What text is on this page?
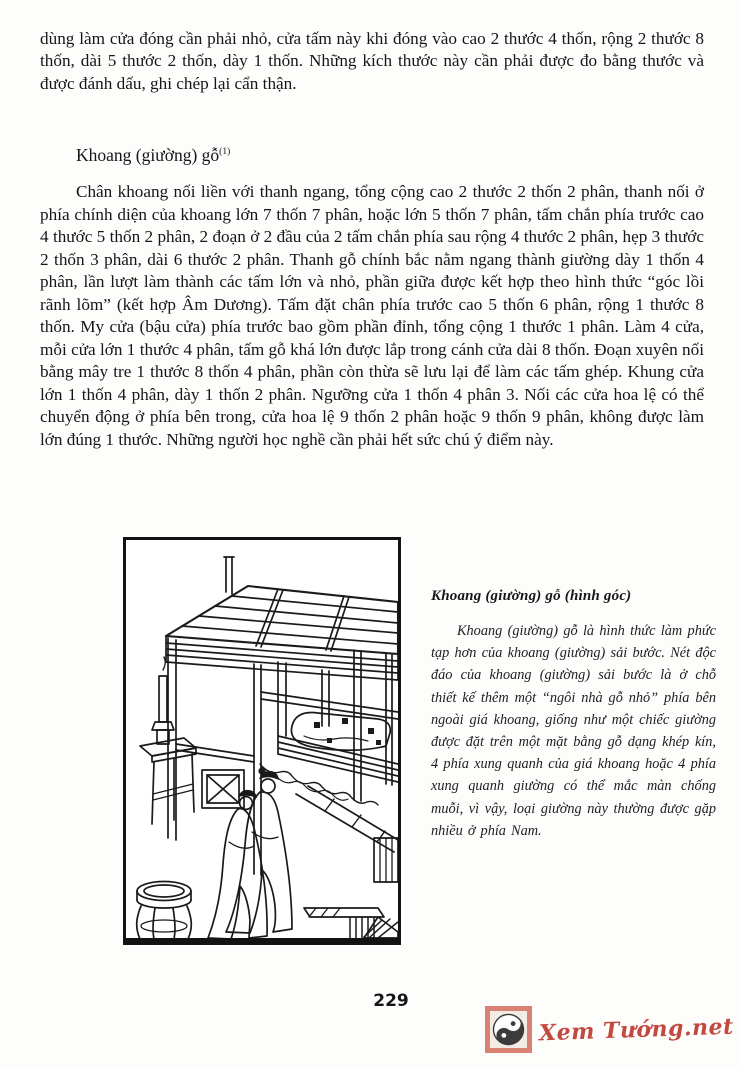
dùng làm cửa đóng cần phải nhỏ, cửa tấm này khi đóng vào cao 2 thước 4 thốn, rộng 2 thước 8 thốn, dài 5 thước 2 thốn, dày 1 thốn. Những kích thước này cần phải được đo bằng thước và được đánh dấu, ghi chép lại cẩn thận.

Khoang (giường) gỗ$^{(1)}$

Chân khoang nối liền với thanh ngang, tổng cộng cao 2 thước 2 thốn 2 phân, thanh nối ở phía chính diện của khoang lớn 7 thốn 7 phân, hoặc lớn 5 thốn 7 phân, tấm chắn phía trước cao 4 thước 5 thốn 2 phân, 2 đoạn ở 2 đầu của 2 tấm chắn phía sau rộng 4 thước 2 phân, hẹp 3 thước 2 thốn 3 phân, dài 6 thước 2 phân. Thanh gỗ chính bắc nằm ngang thành giường dày 1 thốn 4 phân, lần lượt làm thành các tấm lớn và nhỏ, phần giữa được kết hợp theo hình thức “góc lồi rãnh lõm” (kết hợp Âm Dương). Tấm đặt chân phía trước cao 5 thốn 6 phân, rộng 1 thước 8 thốn. My cửa (bậu cửa) phía trước bao gồm phần đỉnh, tổng cộng 1 thước 1 phân. Làm 4 cửa, mỗi cửa lớn 1 thước 4 phân, tấm gỗ khá lớn được lắp trong cánh cửa dài 8 thốn. Đoạn xuyên nối bằng mây tre 1 thước 8 thốn 4 phân, phần còn thừa sẽ lưu lại để làm các tấm ghép. Khung cửa lớn 1 thốn 4 phân, dày 1 thốn 2 phân. Ngưỡng cửa 1 thốn 4 phân 3. Nối các cửa hoa lệ có thể chuyển động ở phía bên trong, cửa hoa lệ 9 thốn 2 phân hoặc 9 thốn 9 phân, không được làm lớn đúng 1 thước. Những người học nghề cần phải hết sức chú ý điểm này.

Khoang (giường) gỗ (hình góc)

Khoang (giường) gỗ là hình thức làm phức tạp hơn của khoang (giường) sải bước. Nét độc đáo của khoang (giường) sải bước là ở chỗ thiết kế thêm một “ngôi nhà gỗ nhỏ” phía bên ngoài giá khoang, giống như một chiếc giường được đặt trên một mặt bằng gỗ dạng khép kín, 4 phía xung quanh của giá khoang hoặc 4 phía xung quanh giường có thể mắc màn chống muỗi, vì vậy, loại giường này thường được gặp nhiều ở phía Nam.

229
Xem Tướng.net
